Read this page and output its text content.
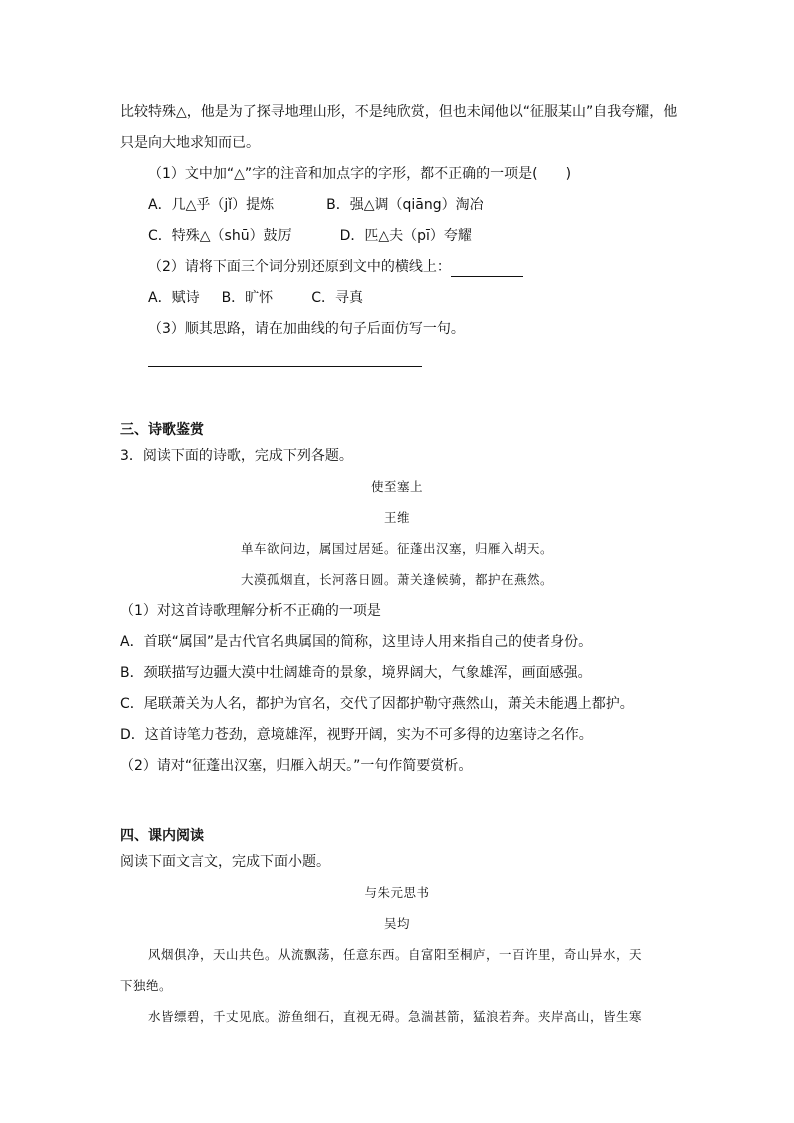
比较特殊△，他是为了探寻地理山形，不是纯欣赏，但也未闻他以“征服某山”自我夸耀，他
只是向大地求知而已。
（1）文中加“△”字的注音和加点字的字形，都不正确的一项是(　　)
A．几△乎（jǐ）提炼	B．强△调（qiāng）淘冶
C．特殊△（shū）鼓厉	D．匹△夫（pī）夸耀
（2）请将下面三个词分别还原到文中的横线上：
A．赋诗 B．旷怀	C．寻真
（3）顺其思路，请在加曲线的句子后面仿写一句。
三、诗歌鉴赏
3．阅读下面的诗歌，完成下列各题。
使至塞上
王维
单车欲问边，属国过居延。征蓬出汉塞，归雁入胡天。
大漠孤烟直，长河落日圆。萧关逢候骑，都护在燕然。
（1）对这首诗歌理解分析不正确的一项是
A．首联“属国”是古代官名典属国的简称，这里诗人用来指自己的使者身份。
B．颈联描写边疆大漠中壮阔雄奇的景象，境界阔大，气象雄浑，画面感强。
C．尾联萧关为人名，都护为官名，交代了因都护勒守燕然山，萧关未能遇上都护。
D．这首诗笔力苍劲，意境雄浑，视野开阔，实为不可多得的边塞诗之名作。
（2）请对“征蓬出汉塞，归雁入胡天。”一句作简要赏析。
四、课内阅读
阅读下面文言文，完成下面小题。
与朱元思书
吴均
风烟俱净，天山共色。从流飘荡，任意东西。自富阳至桐庐，一百许里，奇山异水，天
下独绝。
水皆缥碧，千丈见底。游鱼细石，直视无碍。急湍甚箭，猛浪若奔。夹岸高山，皆生寒
